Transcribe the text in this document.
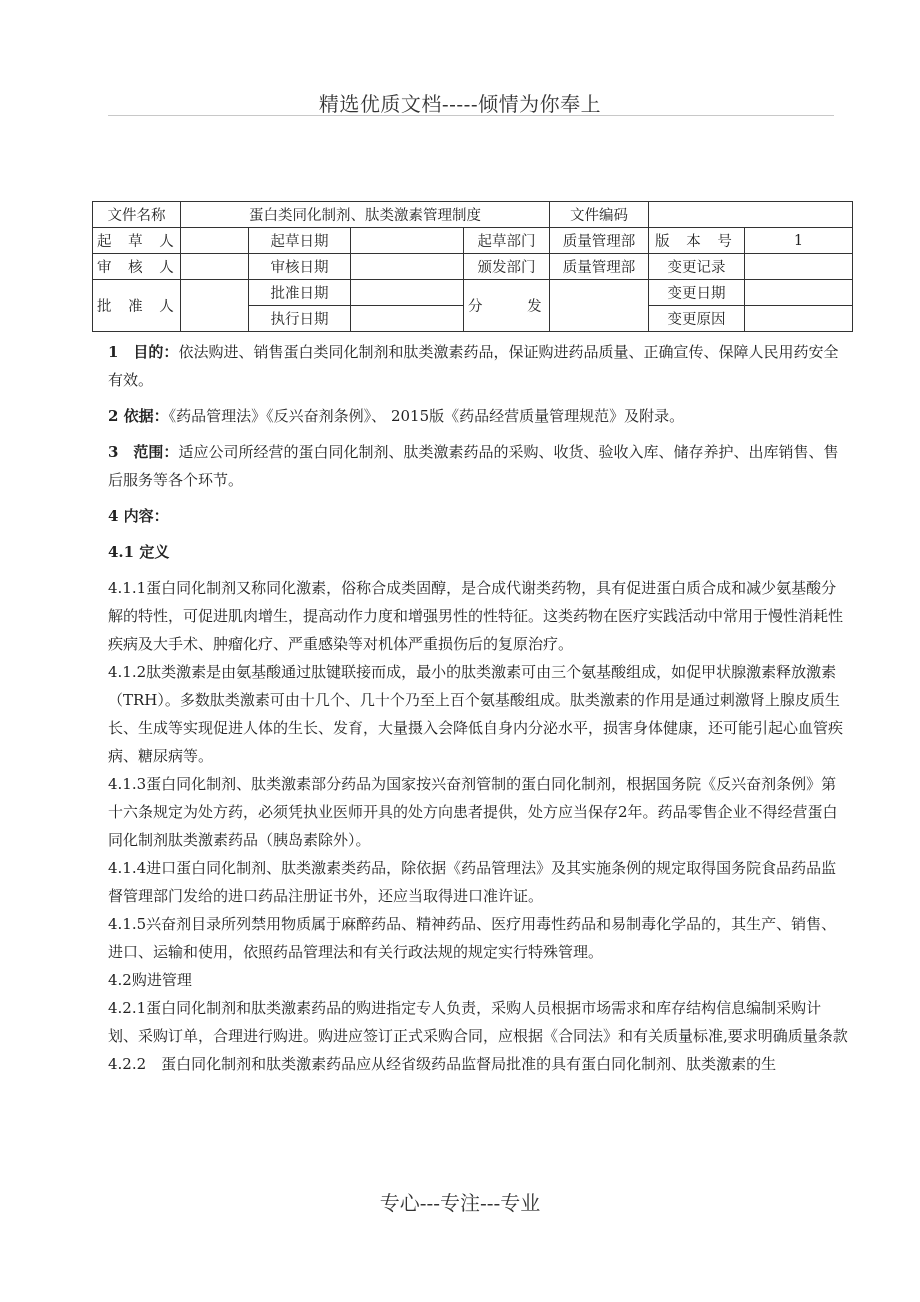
精选优质文档-----倾情为你奉上
文件名称	蛋白类同化制剂、肽类激素管理制度				文件编码		
起 草 人		起草日期		起草部门	质量管理部	版 本 号	1
审 核 人		审核日期		颁发部门	质量管理部	变更记录	
批 准 人		批准日期		分 发		变更日期	
		执行日期				变更原因	

1　目的：依法购进、销售蛋白类同化制剂和肽类激素药品，保证购进药品质量、正确宣传、保障人民用药安全有效。

2 依据：《药品管理法》《反兴奋剂条例》、 2015版《药品经营质量管理规范》及附录。

3　范围：适应公司所经营的蛋白同化制剂、肽类激素药品的采购、收货、验收入库、储存养护、出库销售、售后服务等各个环节。

4 内容：

4.1 定义

4.1.1蛋白同化制剂又称同化激素，俗称合成类固醇，是合成代谢类药物，具有促进蛋白质合成和减少氨基酸分解的特性，可促进肌肉增生，提高动作力度和增强男性的性特征。这类药物在医疗实践活动中常用于慢性消耗性疾病及大手术、肿瘤化疗、严重感染等对机体严重损伤后的复原治疗。

4.1.2肽类激素是由氨基酸通过肽键联接而成，最小的肽类激素可由三个氨基酸组成，如促甲状腺激素释放激素（TRH）。多数肽类激素可由十几个、几十个乃至上百个氨基酸组成。肽类激素的作用是通过刺激肾上腺皮质生长、生成等实现促进人体的生长、发育，大量摄入会降低自身内分泌水平，损害身体健康，还可能引起心血管疾病、糖尿病等。

4.1.3蛋白同化制剂、肽类激素部分药品为国家按兴奋剂管制的蛋白同化制剂，根据国务院《反兴奋剂条例》第十六条规定为处方药，必须凭执业医师开具的处方向患者提供，处方应当保存2年。药品零售企业不得经营蛋白同化制剂肽类激素药品（胰岛素除外）。

4.1.4进口蛋白同化制剂、肽类激素类药品，除依据《药品管理法》及其实施条例的规定取得国务院食品药品监督管理部门发给的进口药品注册证书外，还应当取得进口准许证。

4.1.5兴奋剂目录所列禁用物质属于麻醉药品、精神药品、医疗用毒性药品和易制毒化学品的，其生产、销售、进口、运输和使用，依照药品管理法和有关行政法规的规定实行特殊管理。

4.2购进管理

4.2.1蛋白同化制剂和肽类激素药品的购进指定专人负责，采购人员根据市场需求和库存结构信息编制采购计划、采购订单，合理进行购进。购进应签订正式采购合同，应根据《合同法》和有关质量标准,要求明确质量条款

4.2.2　蛋白同化制剂和肽类激素药品应从经省级药品监督局批准的具有蛋白同化制剂、肽类激素的生

专心---专注---专业
